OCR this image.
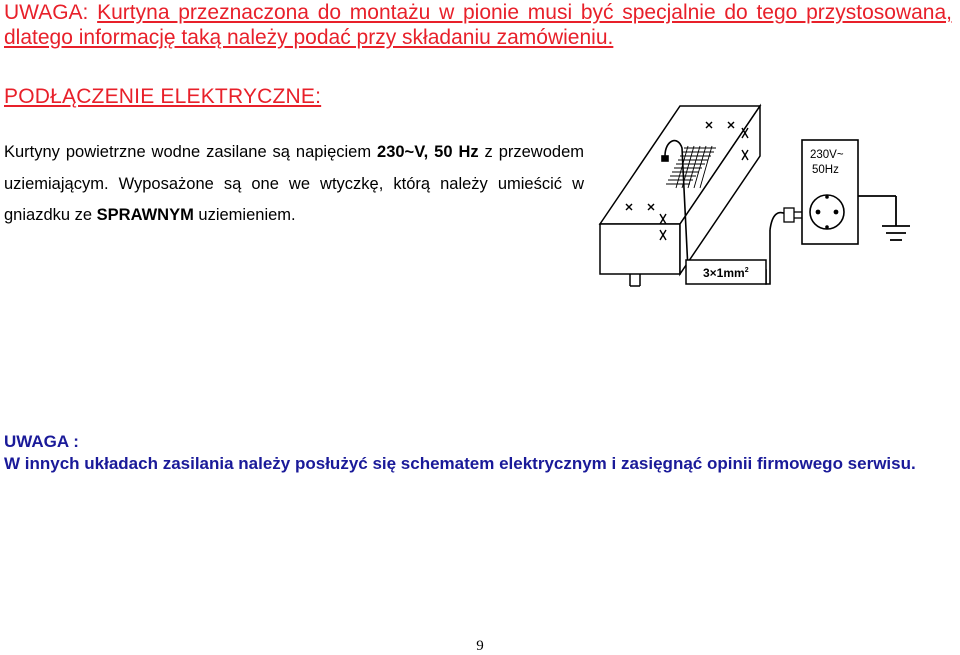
UWAGA: Kurtyna przeznaczona do montażu w pionie musi być specjalnie do tego przystosowana, dlatego informację taką należy podać przy składaniu zamówieniu.
PODŁĄCZENIE ELEKTRYCZNE:
Kurtyny powietrzne wodne zasilane są napięciem 230~V, 50 Hz z przewodem uziemiającym. Wyposażone są one we wtyczkę, którą należy umieścić w gniazdku ze SPRAWNYM uziemieniem.
$3\times 1mm^2$
230V~
50Hz
UWAGA :
W innych układach zasilania należy posłużyć się schematem elektrycznym i zasięgnąć opinii firmowego serwisu.
9
